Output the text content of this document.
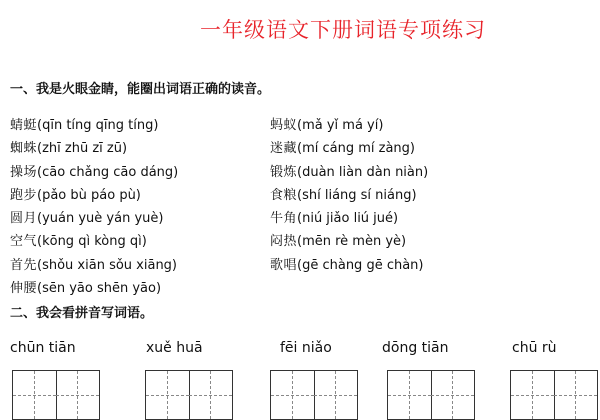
一年级语文下册词语专项练习
一、我是火眼金睛，能圈出词语正确的读音。
蜻蜓(qīn tíng qīng tíng)
蜘蛛(zhī zhū zī zū)
操场(cāo chǎng cāo dáng)
跑步(pǎo bù páo pù)
圆月(yuán yuè yán yuè)
空气(kōng qì kòng qì)
首先(shǒu xiān sǒu xiāng)
伸腰(sēn yāo shēn yāo)
蚂蚁(mǎ yǐ má yí)
迷藏(mí cáng mí zàng)
锻炼(duàn liàn dàn niàn)
食粮(shí liáng sí niáng)
牛角(niú jiǎo liú jué)
闷热(mēn rè mèn yè)
歌唱(gē chàng gē chàn)
二、我会看拼音写词语。
chūn tiān	xuě huā	fēi niǎo	dōng tiān	chū rù
